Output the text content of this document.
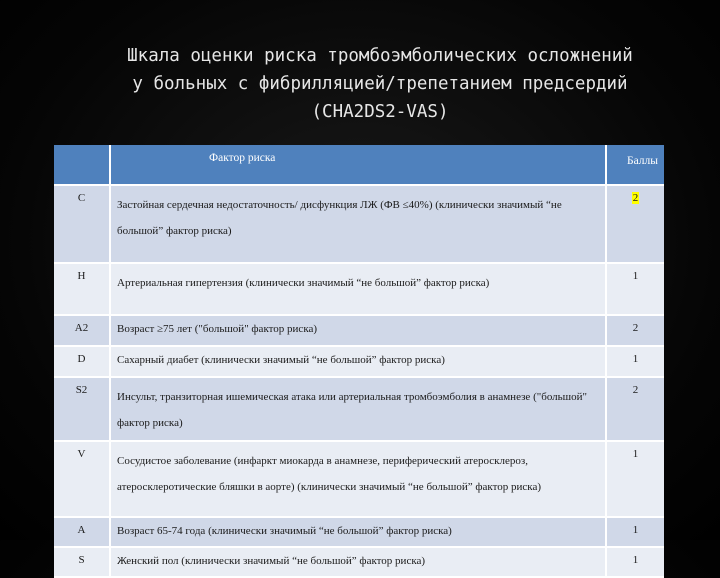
Шкала оценки риска тромбоэмболических осложнений
у больных с фибрилляцией/трепетанием предсердий
(CHA2DS2-VAS)
	Фактор риска	Баллы
C	Застойная сердечная недостаточность/ дисфункция ЛЖ (ФВ ≤40%) (клинически значимый “не большой” фактор риска)	2
H	Артериальная гипертензия (клинически значимый “не большой” фактор риска)	1
A2	Возраст ≥75 лет ("большой" фактор риска)	2
D	Сахарный диабет (клинически значимый “не большой” фактор риска)	1
S2	Инсульт, транзиторная ишемическая атака или артериальная тромбоэмболия в анамнезе ("большой" фактор риска)	2
V	Сосудистое заболевание (инфаркт миокарда в анамнезе, периферический атеросклероз, атеросклеротические бляшки в аорте) (клинически значимый “не большой” фактор риска)	1
A	Возраст 65-74 года (клинически значимый “не большой” фактор риска)	1
S	Женский пол (клинически значимый “не большой” фактор риска)	1
